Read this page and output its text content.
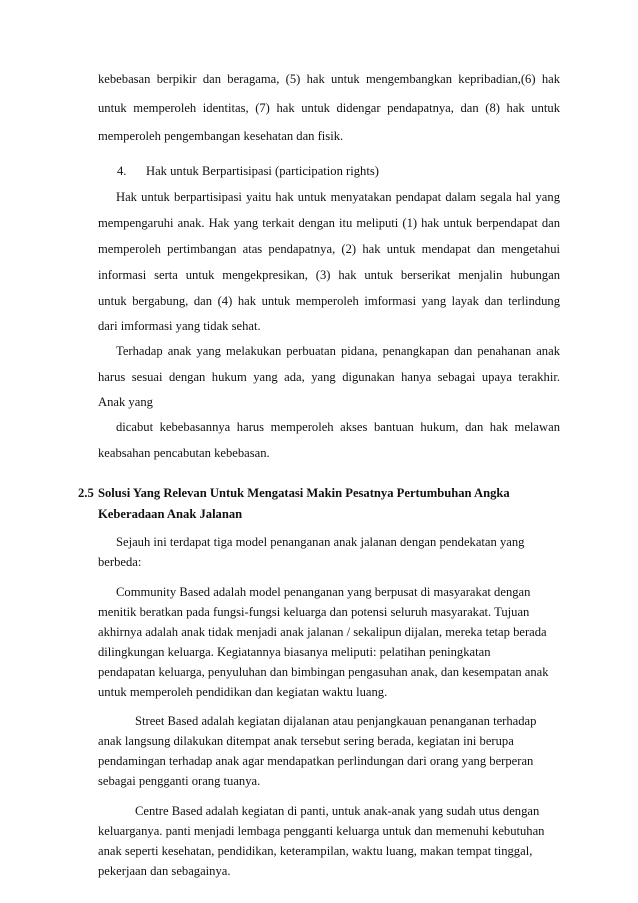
kebebasan berpikir dan beragama, (5) hak untuk mengembangkan kepribadian,(6) hak
untuk memperoleh identitas, (7) hak untuk didengar pendapatnya, dan (8) hak untuk
memperoleh pengembangan kesehatan dan fisik.
4. Hak untuk Berpartisipasi (participation rights)
Hak untuk berpartisipasi yaitu hak untuk menyatakan pendapat dalam segala hal yang
mempengaruhi anak. Hak yang terkait dengan itu meliputi (1) hak untuk berpendapat dan
memperoleh pertimbangan atas pendapatnya, (2) hak untuk mendapat dan mengetahui
informasi serta untuk mengekpresikan, (3) hak untuk berserikat menjalin hubungan
untuk bergabung, dan (4) hak untuk memperoleh imformasi yang layak dan terlindung
dari imformasi yang tidak sehat.
Terhadap anak yang melakukan perbuatan pidana, penangkapan dan penahanan anak
harus sesuai dengan hukum yang ada, yang digunakan hanya sebagai upaya terakhir.
Anak yang
dicabut kebebasannya harus memperoleh akses bantuan hukum, dan hak melawan
keabsahan pencabutan kebebasan.
2.5 Solusi Yang Relevan Untuk Mengatasi Makin Pesatnya Pertumbuhan Angka
Keberadaan Anak Jalanan
Sejauh ini terdapat tiga model penanganan anak jalanan dengan pendekatan yang
berbeda:
Community Based adalah model penanganan yang berpusat di masyarakat dengan
menitik beratkan pada fungsi-fungsi keluarga dan potensi seluruh masyarakat. Tujuan
akhirnya adalah anak tidak menjadi anak jalanan / sekalipun dijalan, mereka tetap berada
dilingkungan keluarga. Kegiatannya biasanya meliputi: pelatihan peningkatan
pendapatan keluarga, penyuluhan dan bimbingan pengasuhan anak, dan kesempatan anak
untuk memperoleh pendidikan dan kegiatan waktu luang.
Street Based adalah kegiatan dijalanan atau penjangkauan penanganan terhadap
anak langsung dilakukan ditempat anak tersebut sering berada, kegiatan ini berupa
pendamingan terhadap anak agar mendapatkan perlindungan dari orang yang berperan
sebagai pengganti orang tuanya.
Centre Based adalah kegiatan di panti, untuk anak-anak yang sudah utus dengan
keluarganya. panti menjadi lembaga pengganti keluarga untuk dan memenuhi kebutuhan
anak seperti kesehatan, pendidikan, keterampilan, waktu luang, makan tempat tinggal,
pekerjaan dan sebagainya.
